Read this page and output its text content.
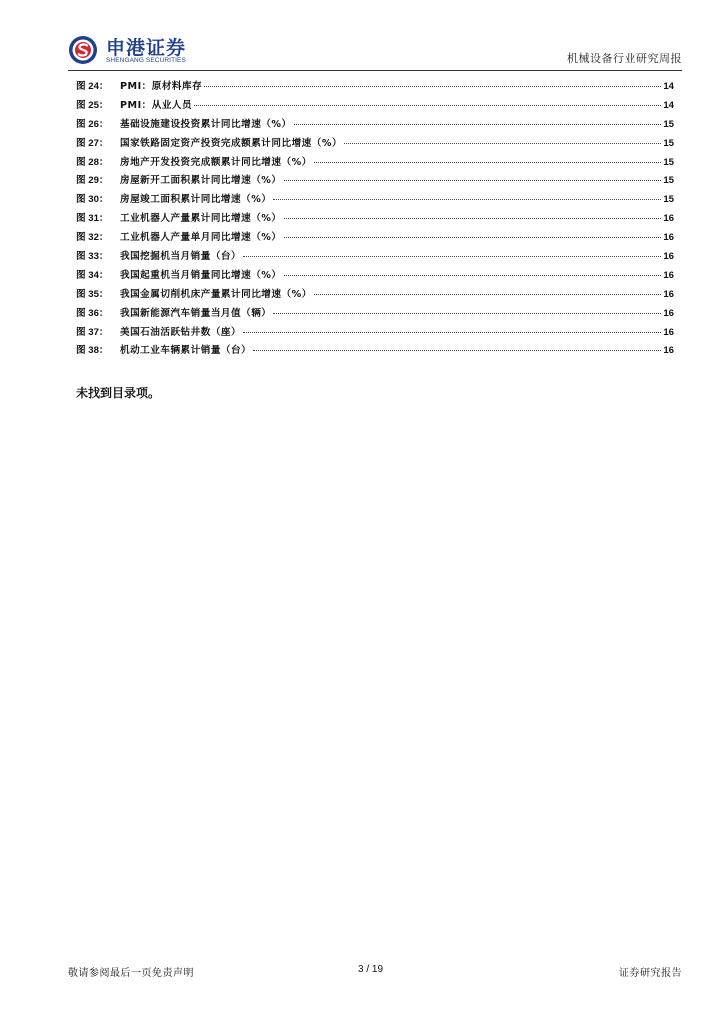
申港证券
SHENGANG SECURITIES	机械设备行业研究周报
图 24：	PMI：原材料库存	14
图 25：	PMI：从业人员	14
图 26：	基础设施建设投资累计同比增速（%）	15
图 27：	国家铁路固定资产投资完成额累计同比增速（%）	15
图 28：	房地产开发投资完成额累计同比增速（%）	15
图 29：	房屋新开工面积累计同比增速（%）	15
图 30：	房屋竣工面积累计同比增速（%）	15
图 31：	工业机器人产量累计同比增速（%）	16
图 32：	工业机器人产量单月同比增速（%）	16
图 33：	我国挖掘机当月销量（台）	16
图 34：	我国起重机当月销量同比增速（%）	16
图 35：	我国金属切削机床产量累计同比增速（%）	16
图 36：	我国新能源汽车销量当月值（辆）	16
图 37：	美国石油活跃钻井数（座）	16
图 38：	机动工业车辆累计销量（台）	16
未找到目录项。
敬请参阅最后一页免责声明	3 / 19	证券研究报告
